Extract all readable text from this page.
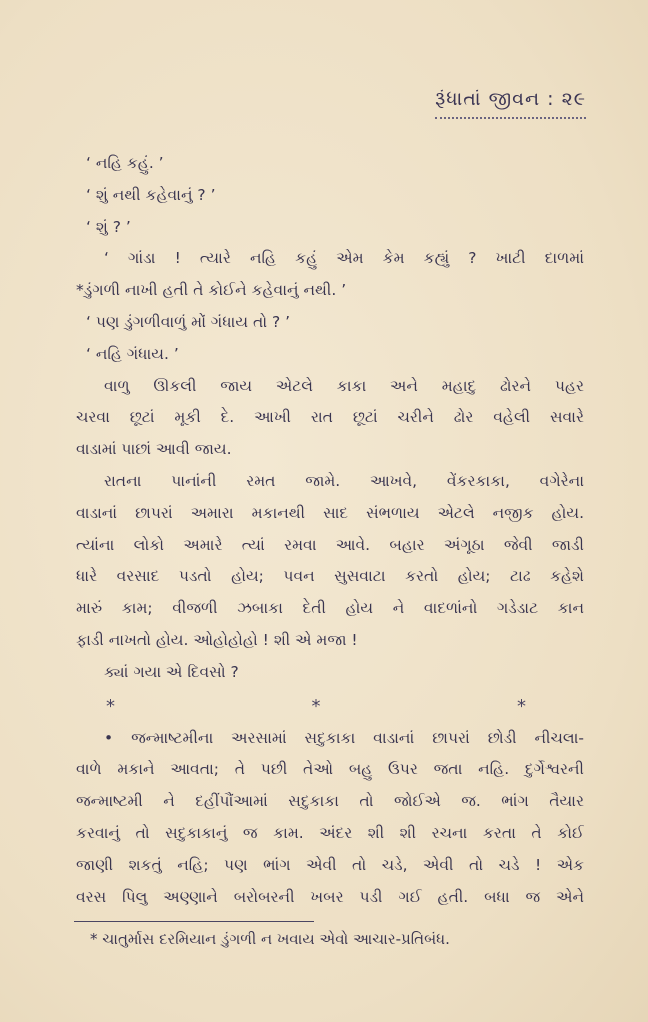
રૂંધાતાં જીવન : ૨૯
‘ નહિ કહું. ’
‘ શું નથી કહેવાનું ? ’
‘ શું ? ’
‘ ગાંડા ! ત્યારે નહિ કહું એમ કેમ કહ્યું ? ખાટી દાળમાં
*ડુંગળી નાખી હતી તે કોઈને કહેવાનું નથી. ’
‘ પણ ડુંગળીવાળું મોં ગંધાય તો ? ’
‘ નહિ ગંધાય. ’
વાળુ ઊકલી જાય એટલે કાકા અને મહાદુ ઢોરને પહર
ચરવા છૂટાં મૂકી દે. આખી રાત છૂટાં ચરીને ઢોર વહેલી સવારે
વાડામાં પાછાં આવી જાય.
રાતના પાનાંની રમત જામે. આખવે, વેંકરકાકા, વગેરેના
વાડાનાં છાપરાં અમારા મકાનથી સાદ સંભળાય એટલે નજીક હોય.
ત્યાંના લોકો અમારે ત્યાં રમવા આવે. બહાર અંગૂઠા જેવી જાડી
ધારે વરસાદ પડતો હોય; પવન સુસવાટા કરતો હોય; ટાઢ કહેશે
મારું કામ; વીજળી ઝબાકા દેતી હોય ને વાદળાંનો ગડેડાટ કાન
ફાડી નાખતો હોય. ઓહોહોહો ! શી એ મજા !
ક્યાં ગયા એ દિવસો ?
*	*	*
• જન્માષ્ટમીના અરસામાં સદુકાકા વાડાનાં છાપરાં છોડી નીચલા-
વાળે મકાને આવતા; તે પછી તેઓ બહુ ઉપર જતા નહિ. દુર્ગેશ્વરની
જન્માષ્ટમી ને દહીંપૌંઆમાં સદુકાકા તો જોઈએ જ. ભાંગ તૈયાર
કરવાનું તો સદુકાકાનું જ કામ. અંદર શી શી રચના કરતા તે કોઈ
જાણી શકતું નહિ; પણ ભાંગ એવી તો ચડે, એવી તો ચડે ! એક
વરસ પિલુ અણ્ણાને બરોબરની ખબર પડી ગઈ હતી. બધા જ એને
* ચાતુર્માસ દરમિયાન ડુંગળી ન ખવાય એવો આચાર-પ્રતિબંધ.
